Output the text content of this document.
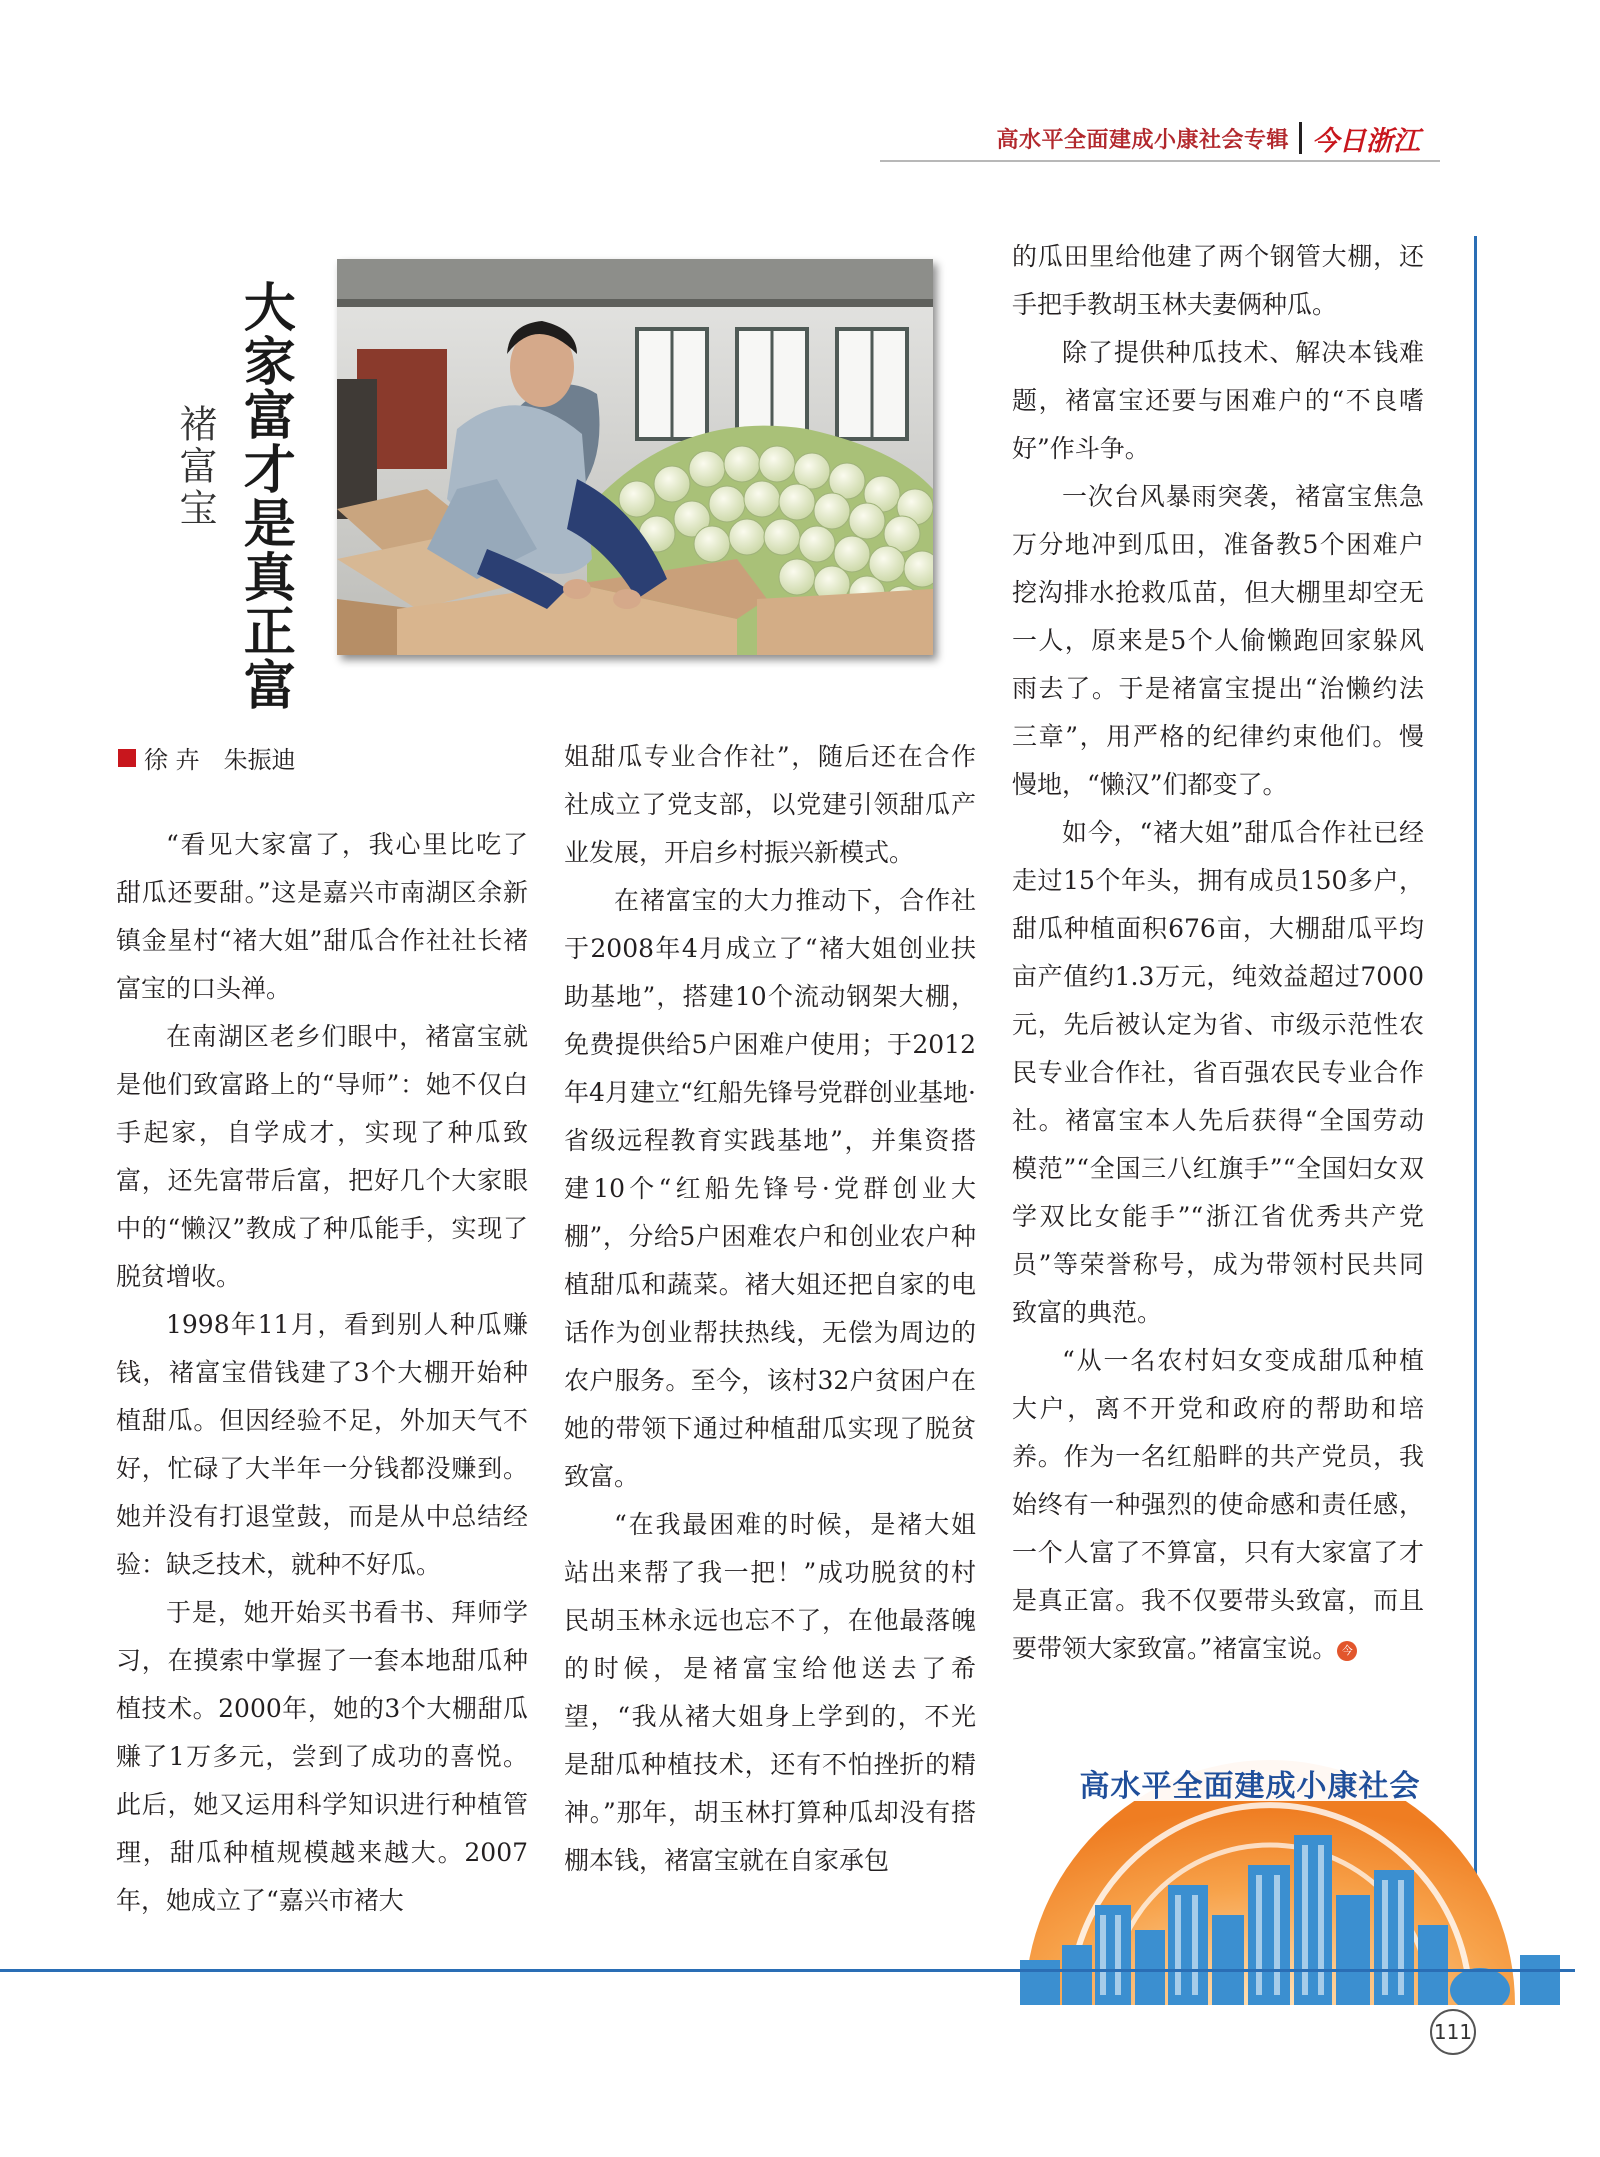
高水平全面建成小康社会专辑 今日浙江
大家富才是真正富
褚富宝
徐 卉　朱振迪

“看见大家富了，我心里比吃了甜瓜还要甜。”这是嘉兴市南湖区余新镇金星村“褚大姐”甜瓜合作社社长褚富宝的口头禅。

在南湖区老乡们眼中，褚富宝就是他们致富路上的“导师”：她不仅白手起家，自学成才，实现了种瓜致富，还先富带后富，把好几个大家眼中的“懒汉”教成了种瓜能手，实现了脱贫增收。

1998年11月，看到别人种瓜赚钱，褚富宝借钱建了3个大棚开始种植甜瓜。但因经验不足，外加天气不好，忙碌了大半年一分钱都没赚到。她并没有打退堂鼓，而是从中总结经验：缺乏技术，就种不好瓜。

于是，她开始买书看书、拜师学习，在摸索中掌握了一套本地甜瓜种植技术。2000年，她的3个大棚甜瓜赚了1万多元，尝到了成功的喜悦。此后，她又运用科学知识进行种植管理，甜瓜种植规模越来越大。2007年，她成立了“嘉兴市褚大

姐甜瓜专业合作社”，随后还在合作社成立了党支部，以党建引领甜瓜产业发展，开启乡村振兴新模式。

在褚富宝的大力推动下，合作社于2008年4月成立了“褚大姐创业扶助基地”，搭建10个流动钢架大棚，免费提供给5户困难户使用；于2012年4月建立“红船先锋号党群创业基地·省级远程教育实践基地”，并集资搭建10个“红船先锋号·党群创业大棚”，分给5户困难农户和创业农户种植甜瓜和蔬菜。褚大姐还把自家的电话作为创业帮扶热线，无偿为周边的农户服务。至今，该村32户贫困户在她的带领下通过种植甜瓜实现了脱贫致富。

“在我最困难的时候，是褚大姐站出来帮了我一把！”成功脱贫的村民胡玉林永远也忘不了，在他最落魄的时候，是褚富宝给他送去了希望，“我从褚大姐身上学到的，不光是甜瓜种植技术，还有不怕挫折的精神。”那年，胡玉林打算种瓜却没有搭棚本钱，褚富宝就在自家承包

的瓜田里给他建了两个钢管大棚，还手把手教胡玉林夫妻俩种瓜。

除了提供种瓜技术、解决本钱难题，褚富宝还要与困难户的“不良嗜好”作斗争。

一次台风暴雨突袭，褚富宝焦急万分地冲到瓜田，准备教5个困难户挖沟排水抢救瓜苗，但大棚里却空无一人，原来是5个人偷懒跑回家躲风雨去了。于是褚富宝提出“治懒约法三章”，用严格的纪律约束他们。慢慢地，“懒汉”们都变了。

如今，“褚大姐”甜瓜合作社已经走过15个年头，拥有成员150多户，甜瓜种植面积676亩，大棚甜瓜平均亩产值约1.3万元，纯效益超过7000元，先后被认定为省、市级示范性农民专业合作社，省百强农民专业合作社。褚富宝本人先后获得“全国劳动模范”“全国三八红旗手”“全国妇女双学双比女能手”“浙江省优秀共产党员”等荣誉称号，成为带领村民共同致富的典范。

“从一名农村妇女变成甜瓜种植大户，离不开党和政府的帮助和培养。作为一名红船畔的共产党员，我始终有一种强烈的使命感和责任感，一个人富了不算富，只有大家富了才是真正富。我不仅要带头致富，而且要带领大家致富。”褚富宝说。 今

高水平全面建成小康社会
111
